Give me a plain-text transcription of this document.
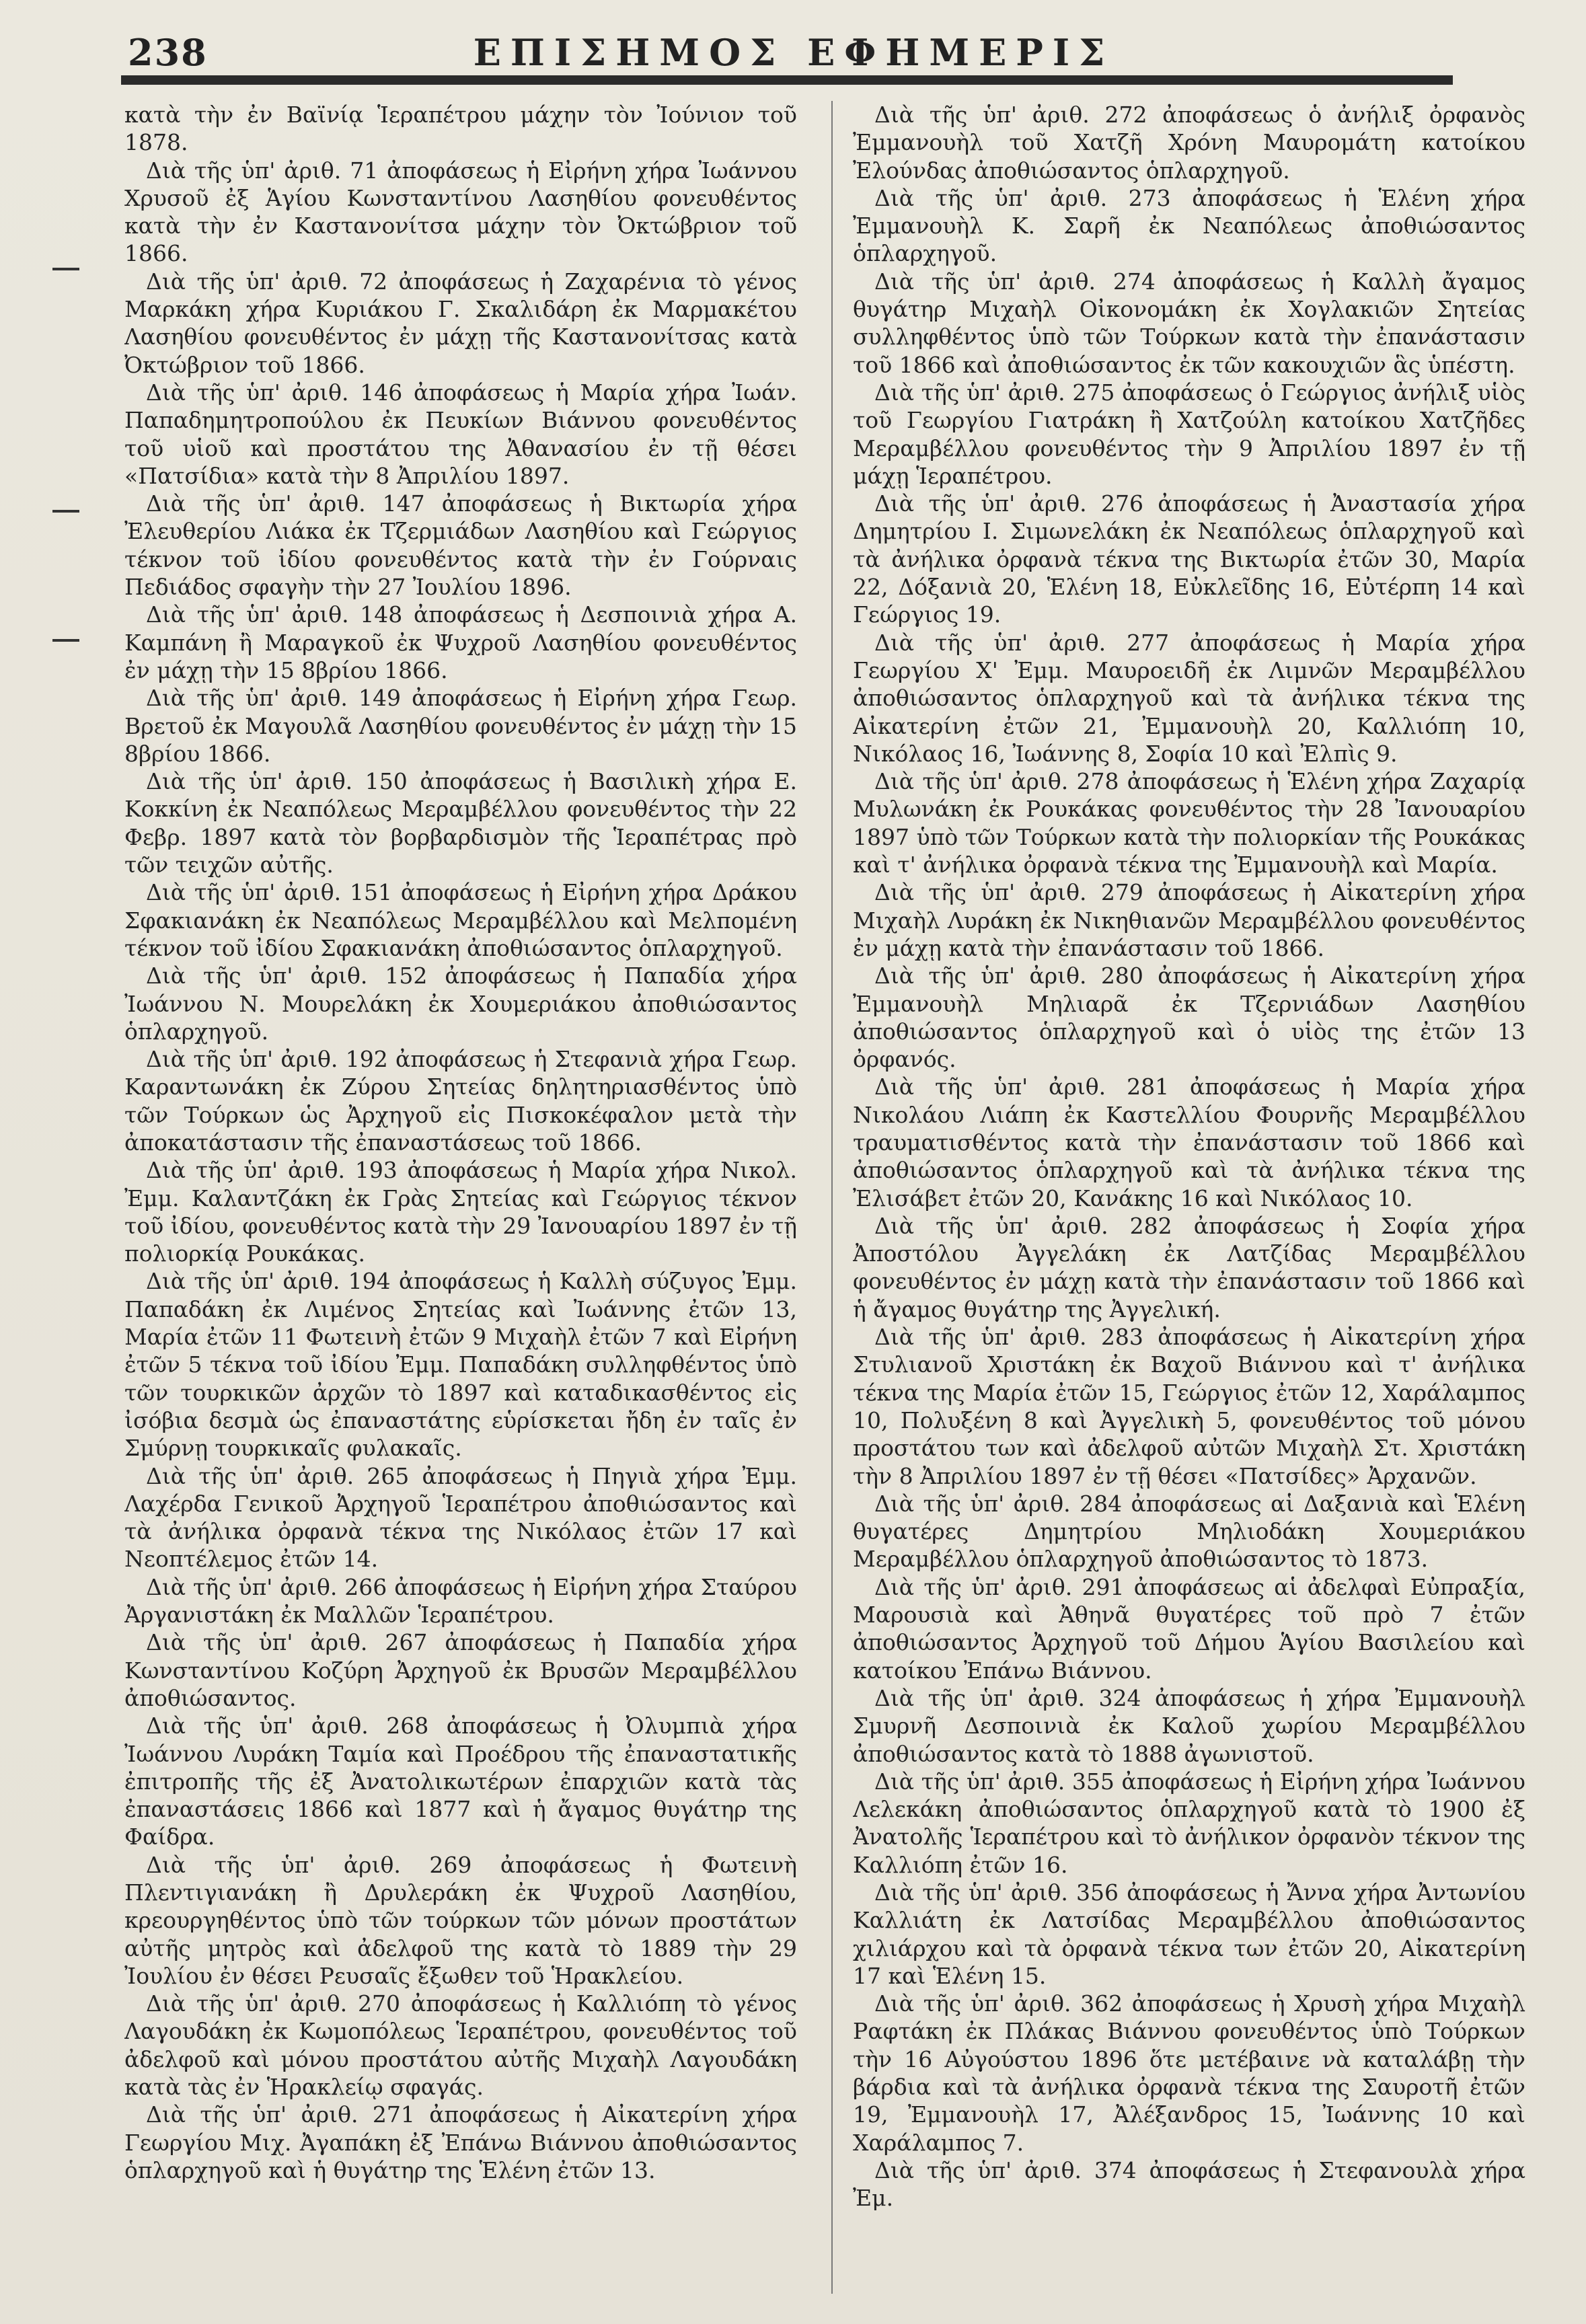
238	ΕΠΙΣΗΜΟΣ ΕΦΗΜΕΡΙΣ

κατὰ τὴν ἐν Βαϊνίᾳ Ἱεραπέτρου μάχην τὸν Ἰούνιον τοῦ 1878.

Διὰ τῆς ὑπ' ἀριθ. 71 ἀποφάσεως ἡ Εἰρήνη χήρα Ἰωάννου Χρυσοῦ ἐξ Ἁγίου Κωνσταντίνου Λασηθίου φονευθέντος κατὰ τὴν ἐν Καστανονίτσα μάχην τὸν Ὀκτώβριον τοῦ 1866.

Διὰ τῆς ὑπ' ἀριθ. 72 ἀποφάσεως ἡ Ζαχαρένια τὸ γένος Μαρκάκη χήρα Κυριάκου Γ. Σκαλιδάρη ἐκ Μαρμακέτου Λασηθίου φονευθέντος ἐν μάχῃ τῆς Καστανονίτσας κατὰ Ὀκτώβριον τοῦ 1866.

Διὰ τῆς ὑπ' ἀριθ. 146 ἀποφάσεως ἡ Μαρία χήρα Ἰωάν. Παπαδημητροπούλου ἐκ Πευκίων Βιάννου φονευθέντος τοῦ υἱοῦ καὶ προστάτου της Ἀθανασίου ἐν τῇ θέσει «Πατσίδια» κατὰ τὴν 8 Ἀπριλίου 1897.

Διὰ τῆς ὑπ' ἀριθ. 147 ἀποφάσεως ἡ Βικτωρία χήρα Ἐλευθερίου Λιάκα ἐκ Τζερμιάδων Λασηθίου καὶ Γεώργιος τέκνον τοῦ ἰδίου φονευθέντος κατὰ τὴν ἐν Γούρναις Πεδιάδος σφαγὴν τὴν 27 Ἰουλίου 1896.

Διὰ τῆς ὑπ' ἀριθ. 148 ἀποφάσεως ἡ Δεσποινιὰ χήρα Α. Καμπάνη ἢ Μαραγκοῦ ἐκ Ψυχροῦ Λασηθίου φονευθέντος ἐν μάχῃ τὴν 15 8βρίου 1866.

Διὰ τῆς ὑπ' ἀριθ. 149 ἀποφάσεως ἡ Εἰρήνη χήρα Γεωρ. Βρετοῦ ἐκ Μαγουλᾶ Λασηθίου φονευθέντος ἐν μάχῃ τὴν 15 8βρίου 1866.

Διὰ τῆς ὑπ' ἀριθ. 150 ἀποφάσεως ἡ Βασιλικὴ χήρα Ε. Κοκκίνη ἐκ Νεαπόλεως Μεραμβέλλου φονευθέντος τὴν 22 Φεβρ. 1897 κατὰ τὸν βορβαρδισμὸν τῆς Ἱεραπέτρας πρὸ τῶν τειχῶν αὐτῆς.

Διὰ τῆς ὑπ' ἀριθ. 151 ἀποφάσεως ἡ Εἰρήνη χήρα Δράκου Σφακιανάκη ἐκ Νεαπόλεως Μεραμβέλλου καὶ Μελπομένη τέκνον τοῦ ἰδίου Σφακιανάκη ἀποθιώσαντος ὁπλαρχηγοῦ.

Διὰ τῆς ὑπ' ἀριθ. 152 ἀποφάσεως ἡ Παπαδία χήρα Ἰωάννου Ν. Μουρελάκη ἐκ Χουμεριάκου ἀποθιώσαντος ὁπλαρχηγοῦ.

Διὰ τῆς ὑπ' ἀριθ. 192 ἀποφάσεως ἡ Στεφανιὰ χήρα Γεωρ. Καραντωνάκη ἐκ Ζύρου Σητείας δηλητηριασθέντος ὑπὸ τῶν Τούρκων ὡς Ἀρχηγοῦ εἰς Πισκοκέφαλον μετὰ τὴν ἀποκατάστασιν τῆς ἐπαναστάσεως τοῦ 1866.

Διὰ τῆς ὑπ' ἀριθ. 193 ἀποφάσεως ἡ Μαρία χήρα Νικολ. Ἐμμ. Καλαντζάκη ἐκ Γρὰς Σητείας καὶ Γεώργιος τέκνον τοῦ ἰδίου, φονευθέντος κατὰ τὴν 29 Ἰανουαρίου 1897 ἐν τῇ πολιορκίᾳ Ρουκάκας.

Διὰ τῆς ὑπ' ἀριθ. 194 ἀποφάσεως ἡ Καλλὴ σύζυγος Ἐμμ. Παπαδάκη ἐκ Λιμένος Σητείας καὶ Ἰωάννης ἐτῶν 13, Μαρία ἐτῶν 11 Φωτεινὴ ἐτῶν 9 Μιχαὴλ ἐτῶν 7 καὶ Εἰρήνη ἐτῶν 5 τέκνα τοῦ ἰδίου Ἐμμ. Παπαδάκη συλληφθέντος ὑπὸ τῶν τουρκικῶν ἀρχῶν τὸ 1897 καὶ καταδικασθέντος εἰς ἰσόβια δεσμὰ ὡς ἐπαναστάτης εὑρίσκεται ἤδη ἐν ταῖς ἐν Σμύρνῃ τουρκικαῖς φυλακαῖς.

Διὰ τῆς ὑπ' ἀριθ. 265 ἀποφάσεως ἡ Πηγιὰ χήρα Ἐμμ. Λαχέρδα Γενικοῦ Ἀρχηγοῦ Ἱεραπέτρου ἀποθιώσαντος καὶ τὰ ἀνήλικα ὀρφανὰ τέκνα της Νικόλαος ἐτῶν 17 καὶ Νεοπτέλεμος ἐτῶν 14.

Διὰ τῆς ὑπ' ἀριθ. 266 ἀποφάσεως ἡ Εἰρήνη χήρα Σταύρου Ἀργανιστάκη ἐκ Μαλλῶν Ἱεραπέτρου.

Διὰ τῆς ὑπ' ἀριθ. 267 ἀποφάσεως ἡ Παπαδία χήρα Κωνσταντίνου Κοζύρη Ἀρχηγοῦ ἐκ Βρυσῶν Μεραμβέλλου ἀποθιώσαντος.

Διὰ τῆς ὑπ' ἀριθ. 268 ἀποφάσεως ἡ Ὀλυμπιὰ χήρα Ἰωάννου Λυράκη Ταμία καὶ Προέδρου τῆς ἐπαναστατικῆς ἐπιτροπῆς τῆς ἐξ Ἀνατολικωτέρων ἐπαρχιῶν κατὰ τὰς ἐπαναστάσεις 1866 καὶ 1877 καὶ ἡ ἄγαμος θυγάτηρ της Φαίδρα.

Διὰ τῆς ὑπ' ἀριθ. 269 ἀποφάσεως ἡ Φωτεινὴ Πλεντιγιανάκη ἢ Δρυλεράκη ἐκ Ψυχροῦ Λασηθίου, κρεουργηθέντος ὑπὸ τῶν τούρκων τῶν μόνων προστάτων αὐτῆς μητρὸς καὶ ἀδελφοῦ της κατὰ τὸ 1889 τὴν 29 Ἰουλίου ἐν θέσει Ρευσαῖς ἔξωθεν τοῦ Ἡρακλείου.

Διὰ τῆς ὑπ' ἀριθ. 270 ἀποφάσεως ἡ Καλλιόπη τὸ γένος Λαγουδάκη ἐκ Κωμοπόλεως Ἱεραπέτρου, φονευθέντος τοῦ ἀδελφοῦ καὶ μόνου προστάτου αὐτῆς Μιχαὴλ Λαγουδάκη κατὰ τὰς ἐν Ἡρακλείῳ σφαγάς.

Διὰ τῆς ὑπ' ἀριθ. 271 ἀποφάσεως ἡ Αἰκατερίνη χήρα Γεωργίου Μιχ. Ἀγαπάκη ἐξ Ἐπάνω Βιάννου ἀποθιώσαντος ὁπλαρχηγοῦ καὶ ἡ θυγάτηρ της Ἑλένη ἐτῶν 13.

Διὰ τῆς ὑπ' ἀριθ. 272 ἀποφάσεως ὁ ἀνήλιξ ὀρφανὸς Ἐμμανουὴλ τοῦ Χατζῆ Χρόνη Μαυρομάτη κατοίκου Ἐλούνδας ἀποθιώσαντος ὁπλαρχηγοῦ.

Διὰ τῆς ὑπ' ἀριθ. 273 ἀποφάσεως ἡ Ἑλένη χήρα Ἐμμανουὴλ Κ. Σαρῆ ἐκ Νεαπόλεως ἀποθιώσαντος ὁπλαρχηγοῦ.

Διὰ τῆς ὑπ' ἀριθ. 274 ἀποφάσεως ἡ Καλλὴ ἄγαμος θυγάτηρ Μιχαὴλ Οἰκονομάκη ἐκ Χογλακιῶν Σητείας συλληφθέντος ὑπὸ τῶν Τούρκων κατὰ τὴν ἐπανάστασιν τοῦ 1866 καὶ ἀποθιώσαντος ἐκ τῶν κακουχιῶν ἃς ὑπέστη.

Διὰ τῆς ὑπ' ἀριθ. 275 ἀποφάσεως ὁ Γεώργιος ἀνήλιξ υἱὸς τοῦ Γεωργίου Γιατράκη ἢ Χατζούλη κατοίκου Χατζῆδες Μεραμβέλλου φονευθέντος τὴν 9 Ἀπριλίου 1897 ἐν τῇ μάχῃ Ἱεραπέτρου.

Διὰ τῆς ὑπ' ἀριθ. 276 ἀποφάσεως ἡ Ἀναστασία χήρα Δημητρίου Ι. Σιμωνελάκη ἐκ Νεαπόλεως ὁπλαρχηγοῦ καὶ τὰ ἀνήλικα ὀρφανὰ τέκνα της Βικτωρία ἐτῶν 30, Μαρία 22, Δόξανιὰ 20, Ἑλένη 18, Εὐκλεῖδης 16, Εὐτέρπη 14 καὶ Γεώργιος 19.

Διὰ τῆς ὑπ' ἀριθ. 277 ἀποφάσεως ἡ Μαρία χήρα Γεωργίου Χ' Ἐμμ. Μαυροειδῆ ἐκ Λιμνῶν Μεραμβέλλου ἀποθιώσαντος ὁπλαρχηγοῦ καὶ τὰ ἀνήλικα τέκνα της Αἰκατερίνη ἐτῶν 21, Ἐμμανουὴλ 20, Καλλιόπη 10, Νικόλαος 16, Ἰωάννης 8, Σοφία 10 καὶ Ἐλπὶς 9.

Διὰ τῆς ὑπ' ἀριθ. 278 ἀποφάσεως ἡ Ἑλένη χήρα Ζαχαρίᾳ Μυλωνάκη ἐκ Ρουκάκας φονευθέντος τὴν 28 Ἰανουαρίου 1897 ὑπὸ τῶν Τούρκων κατὰ τὴν πολιορκίαν τῆς Ρουκάκας καὶ τ' ἀνήλικα ὀρφανὰ τέκνα της Ἐμμανουὴλ καὶ Μαρία.

Διὰ τῆς ὑπ' ἀριθ. 279 ἀποφάσεως ἡ Αἰκατερίνη χήρα Μιχαὴλ Λυράκη ἐκ Νικηθιανῶν Μεραμβέλλου φονευθέντος ἐν μάχῃ κατὰ τὴν ἐπανάστασιν τοῦ 1866.

Διὰ τῆς ὑπ' ἀριθ. 280 ἀποφάσεως ἡ Αἰκατερίνη χήρα Ἐμμανουὴλ Μηλιαρᾶ ἐκ Τζερνιάδων Λασηθίου ἀποθιώσαντος ὁπλαρχηγοῦ καὶ ὁ υἱὸς της ἐτῶν 13 ὀρφανός.

Διὰ τῆς ὑπ' ἀριθ. 281 ἀποφάσεως ἡ Μαρία χήρα Νικολάου Λιάπη ἐκ Καστελλίου Φουρνῆς Μεραμβέλλου τραυματισθέντος κατὰ τὴν ἐπανάστασιν τοῦ 1866 καὶ ἀποθιώσαντος ὁπλαρχηγοῦ καὶ τὰ ἀνήλικα τέκνα της Ἐλισάβετ ἐτῶν 20, Κανάκης 16 καὶ Νικόλαος 10.

Διὰ τῆς ὑπ' ἀριθ. 282 ἀποφάσεως ἡ Σοφία χήρα Ἀποστόλου Ἀγγελάκη ἐκ Λατζίδας Μεραμβέλλου φονευθέντος ἐν μάχῃ κατὰ τὴν ἐπανάστασιν τοῦ 1866 καὶ ἡ ἄγαμος θυγάτηρ της Ἀγγελική.

Διὰ τῆς ὑπ' ἀριθ. 283 ἀποφάσεως ἡ Αἰκατερίνη χήρα Στυλιανοῦ Χριστάκη ἐκ Βαχοῦ Βιάννου καὶ τ' ἀνήλικα τέκνα της Μαρία ἐτῶν 15, Γεώργιος ἐτῶν 12, Χαράλαμπος 10, Πολυξένη 8 καὶ Ἀγγελικὴ 5, φονευθέντος τοῦ μόνου προστάτου των καὶ ἀδελφοῦ αὐτῶν Μιχαὴλ Στ. Χριστάκη τὴν 8 Ἀπριλίου 1897 ἐν τῇ θέσει «Πατσίδες» Ἀρχανῶν.

Διὰ τῆς ὑπ' ἀριθ. 284 ἀποφάσεως αἱ Δαξανιὰ καὶ Ἑλένη θυγατέρες Δημητρίου Μηλιοδάκη Χουμεριάκου Μεραμβέλλου ὁπλαρχηγοῦ ἀποθιώσαντος τὸ 1873.

Διὰ τῆς ὑπ' ἀριθ. 291 ἀποφάσεως αἱ ἀδελφαὶ Εὐπραξία, Μαρουσιὰ καὶ Ἀθηνᾶ θυγατέρες τοῦ πρὸ 7 ἐτῶν ἀποθιώσαντος Ἀρχηγοῦ τοῦ Δήμου Ἁγίου Βασιλείου καὶ κατοίκου Ἐπάνω Βιάννου.

Διὰ τῆς ὑπ' ἀριθ. 324 ἀποφάσεως ἡ χήρα Ἐμμανουὴλ Σμυρνῆ Δεσποινιὰ ἐκ Καλοῦ χωρίου Μεραμβέλλου ἀποθιώσαντος κατὰ τὸ 1888 ἀγωνιστοῦ.

Διὰ τῆς ὑπ' ἀριθ. 355 ἀποφάσεως ἡ Εἰρήνη χήρα Ἰωάννου Λελεκάκη ἀποθιώσαντος ὁπλαρχηγοῦ κατὰ τὸ 1900 ἐξ Ἀνατολῆς Ἱεραπέτρου καὶ τὸ ἀνήλικον ὀρφανὸν τέκνον της Καλλιόπη ἐτῶν 16.

Διὰ τῆς ὑπ' ἀριθ. 356 ἀποφάσεως ἡ Ἄννα χήρα Ἀντωνίου Καλλιάτη ἐκ Λατσίδας Μεραμβέλλου ἀποθιώσαντος χιλιάρχου καὶ τὰ ὀρφανὰ τέκνα των ἐτῶν 20, Αἰκατερίνη 17 καὶ Ἑλένη 15.

Διὰ τῆς ὑπ' ἀριθ. 362 ἀποφάσεως ἡ Χρυσὴ χήρα Μιχαὴλ Ραφτάκη ἐκ Πλάκας Βιάννου φονευθέντος ὑπὸ Τούρκων τὴν 16 Αὐγούστου 1896 ὅτε μετέβαινε νὰ καταλάβῃ τὴν βάρδια καὶ τὰ ἀνήλικα ὀρφανὰ τέκνα της Σαυροτῆ ἐτῶν 19, Ἐμμανουὴλ 17, Ἀλέξανδρος 15, Ἰωάννης 10 καὶ Χαράλαμπος 7.

Διὰ τῆς ὑπ' ἀριθ. 374 ἀποφάσεως ἡ Στεφανουλὰ χήρα Ἐμ.
